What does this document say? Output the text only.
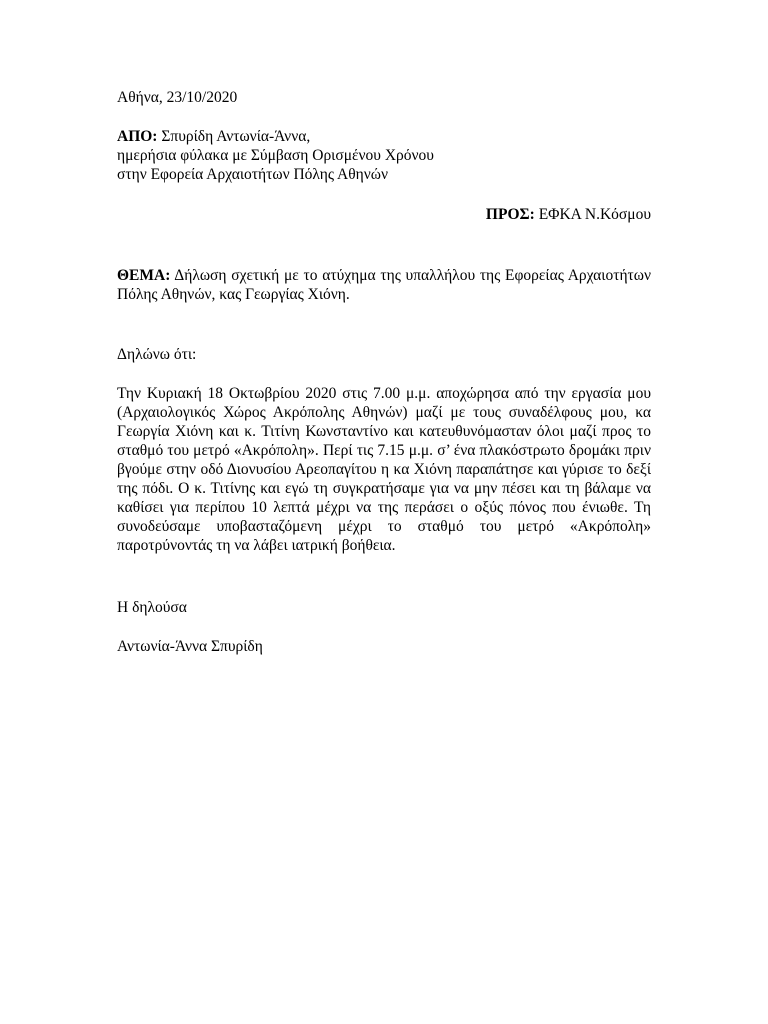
Αθήνα, 23/10/2020

ΑΠΟ: Σπυρίδη Αντωνία-Άννα,
ημερήσια φύλακα με Σύμβαση Ορισμένου Χρόνου
στην Εφορεία Αρχαιοτήτων Πόλης Αθηνών
ΠΡΟΣ: ΕΦΚΑ Ν.Κόσμου

ΘΕΜΑ: Δήλωση σχετική με το ατύχημα της υπαλλήλου της Εφορείας Αρχαιοτήτων Πόλης Αθηνών, κας Γεωργίας Χιόνη.

Δηλώνω ότι:

Την Κυριακή 18 Οκτωβρίου 2020 στις 7.00 μ.μ. αποχώρησα από την εργασία μου (Αρχαιολογικός Χώρος Ακρόπολης Αθηνών) μαζί με τους συναδέλφους μου, κα Γεωργία Χιόνη και κ. Τιτίνη Κωνσταντίνο και κατευθυνόμασταν όλοι μαζί προς το σταθμό του μετρό «Ακρόπολη». Περί τις 7.15 μ.μ. σ’ ένα πλακόστρωτο δρομάκι πριν βγούμε στην οδό Διονυσίου Αρεοπαγίτου η κα Χιόνη παραπάτησε και γύρισε το δεξί της πόδι. Ο κ. Τιτίνης και εγώ τη συγκρατήσαμε για να μην πέσει και τη βάλαμε να καθίσει για περίπου 10 λεπτά μέχρι να της περάσει ο οξύς πόνος που ένιωθε. Τη συνοδεύσαμε υποβασταζόμενη μέχρι το σταθμό του μετρό «Ακρόπολη» παροτρύνοντάς τη να λάβει ιατρική βοήθεια.

Η δηλούσα

Αντωνία-Άννα Σπυρίδη
